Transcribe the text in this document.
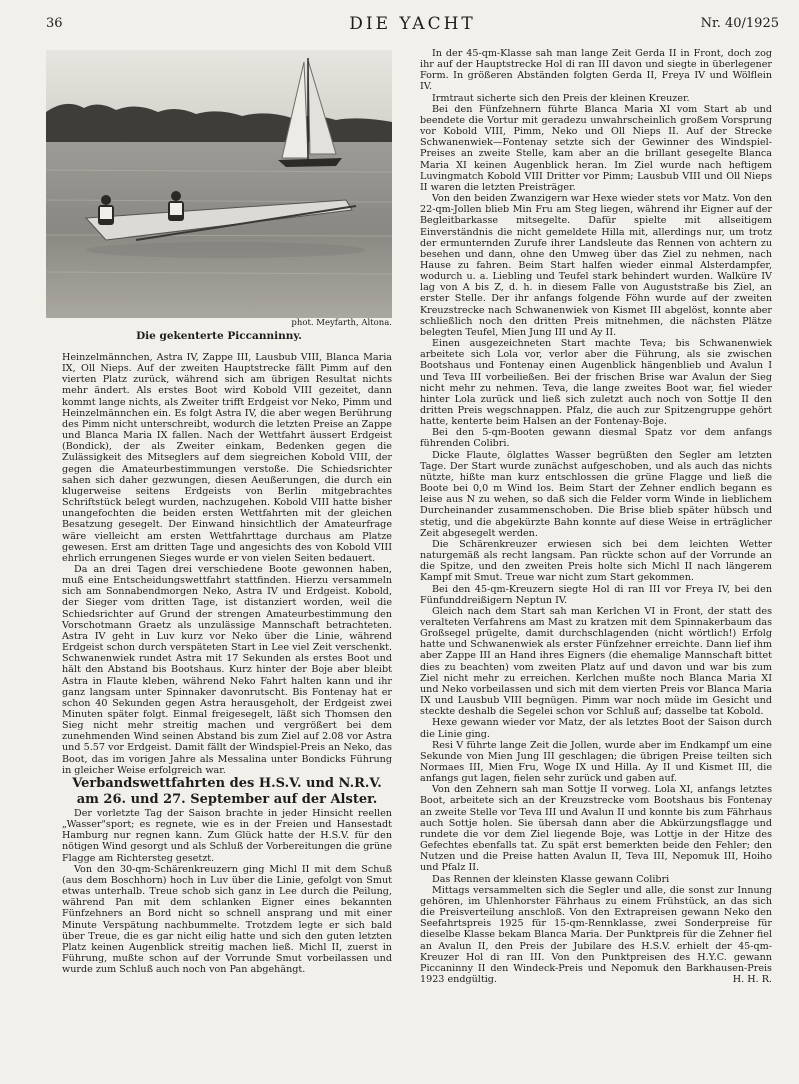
36	DIE YACHT	Nr. 40/1925
phot. Meyfarth, Altona.
Die gekenterte Piccanninny.

Heinzelmännchen, Astra IV, Zappe III, Lausbub VIII, Blanca Maria IX, Oll Nieps. Auf der zweiten Hauptstrecke fällt Pimm auf den vierten Platz zurück, während sich am übrigen Resultat nichts mehr ändert. Als erstes Boot wird Kobold VIII gezeitet, dann kommt lange nichts, als Zweiter trifft Erdgeist vor Neko, Pimm und Heinzelmännchen ein. Es folgt Astra IV, die aber wegen Berührung des Pimm nicht unterschreibt, wodurch die letzten Preise an Zappe und Blanca Maria IX fallen. Nach der Wettfahrt äussert Erdgeist (Bondick), der als Zweiter einkam, Bedenken gegen die Zulässigkeit des Mitseglers auf dem siegreichen Kobold VIII, der gegen die Amateurbestimmungen verstoße. Die Schiedsrichter sahen sich daher gezwungen, diesen Aeußerungen, die durch ein klugerweise seitens Erdgeists von Berlin mitgebrachtes Schriftstück belegt wurden, nachzugehen. Kobold VIII hatte bisher unangefochten die beiden ersten Wettfahrten mit der gleichen Besatzung gesegelt. Der Einwand hinsichtlich der Amateurfrage wäre vielleicht am ersten Wettfahrttage durchaus am Platze gewesen. Erst am dritten Tage und angesichts des von Kobold VIII ehrlich errungenen Sieges wurde er von vielen Seiten bedauert.

Da an drei Tagen drei verschiedene Boote gewonnen haben, muß eine Entscheidungswettfahrt stattfinden. Hierzu versammeln sich am Sonnabendmorgen Neko, Astra IV und Erdgeist. Kobold, der Sieger vom dritten Tage, ist distanziert worden, weil die Schiedsrichter auf Grund der strengen Amateurbestimmung den Vorschotmann Graetz als unzulässige Mannschaft betrachteten. Astra IV geht in Luv kurz vor Neko über die Linie, während Erdgeist schon durch verspäteten Start in Lee viel Zeit verschenkt. Schwanenwiek rundet Astra mit 17 Sekunden als erstes Boot und hält den Abstand bis Bootshaus. Kurz hinter der Boje aber bleibt Astra in Flaute kleben, während Neko Fahrt halten kann und ihr ganz langsam unter Spinnaker davonrutscht. Bis Fontenay hat er schon 40 Sekunden gegen Astra herausgeholt, der Erdgeist zwei Minuten später folgt. Einmal freigesegelt, läßt sich Thomsen den Sieg nicht mehr streitig machen und vergrößert bei dem zunehmenden Wind seinen Abstand bis zum Ziel auf 2.08 vor Astra und 5.57 vor Erdgeist. Damit fällt der Windspiel-Preis an Neko, das Boot, das im vorigen Jahre als Messalina unter Bondicks Führung in gleicher Weise erfolgreich war.

Verbandswettfahrten des H.S.V. und N.R.V. am 26. und 27. September auf der Alster.

Der vorletzte Tag der Saison brachte in jeder Hinsicht reellen „Wasser"sport; es regnete, wie es in der Freien und Hansestadt Hamburg nur regnen kann. Zum Glück hatte der H.S.V. für den nötigen Wind gesorgt und als Schluß der Vorbereitungen die grüne Flagge am Richtersteg gesetzt.

Von den 30-qm-Schärenkreuzern ging Michl II mit dem Schuß (aus dem Boschhorn) hoch in Luv über die Linie, gefolgt von Smut etwas unterhalb. Treue schob sich ganz in Lee durch die Peilung, während Pan mit dem schlanken Eigner eines bekannten Fünfzehners an Bord nicht so schnell ansprang und mit einer Minute Verspätung nachbummelte. Trotzdem legte er sich bald über Treue, die es gar nicht eilig hatte und sich den guten letzten Platz keinen Augenblick streitig machen ließ. Michl II, zuerst in Führung, mußte schon auf der Vorrunde Smut vorbeilassen und wurde zum Schluß auch noch von Pan abgehängt.

In der 45-qm-Klasse sah man lange Zeit Gerda II in Front, doch zog ihr auf der Hauptstrecke Hol di ran III davon und siegte in überlegener Form. In größeren Abständen folgten Gerda II, Freya IV und Wölflein IV.

Irmtraut sicherte sich den Preis der kleinen Kreuzer.

Bei den Fünfzehnern führte Blanca Maria XI vom Start ab und beendete die Vortur mit geradezu unwahrscheinlich großem Vorsprung vor Kobold VIII, Pimm, Neko und Oll Nieps II. Auf der Strecke Schwanenwiek—Fontenay setzte sich der Gewinner des Windspiel-Preises an zweite Stelle, kam aber an die brillant gesegelte Blanca Maria XI keinen Augenblick heran. Im Ziel wurde nach heftigem Luvingmatch Kobold VIII Dritter vor Pimm; Lausbub VIII und Oll Nieps II waren die letzten Preisträger.

Von den beiden Zwanzigern war Hexe wieder stets vor Matz. Von den 22-qm-Jollen blieb Min Fru am Steg liegen, während ihr Eigner auf der Begleitbarkasse mitsegelte. Dafür spielte mit allseitigem Einverständnis die nicht gemeldete Hilla mit, allerdings nur, um trotz der ermunternden Zurufe ihrer Landsleute das Rennen von achtern zu besehen und dann, ohne den Umweg über das Ziel zu nehmen, nach Hause zu fahren. Beim Start halfen wieder einmal Alsterdampfer, wodurch u. a. Liebling und Teufel stark behindert wurden. Walküre IV lag von A bis Z, d. h. in diesem Falle von Auguststraße bis Ziel, an erster Stelle. Der ihr anfangs folgende Föhn wurde auf der zweiten Kreuzstrecke nach Schwanenwiek von Kismet III abgelöst, konnte aber schließlich noch den dritten Preis mitnehmen, die nächsten Plätze belegten Teufel, Mien Jung III und Ay II.

Einen ausgezeichneten Start machte Teva; bis Schwanenwiek arbeitete sich Lola vor, verlor aber die Führung, als sie zwischen Bootshaus und Fontenay einen Augenblick hängenblieb und Avalun I und Teva III vorbeiließen. Bei der frischen Brise war Avalun der Sieg nicht mehr zu nehmen. Teva, die lange zweites Boot war, fiel wieder hinter Lola zurück und ließ sich zuletzt auch noch von Sottje II den dritten Preis wegschnappen. Pfalz, die auch zur Spitzengruppe gehört hatte, kenterte beim Halsen an der Fontenay-Boje.

Bei den 5-qm-Booten gewann diesmal Spatz vor dem anfangs führenden Colibri.

Dicke Flaute, ölglattes Wasser begrüßten den Segler am letzten Tage. Der Start wurde zunächst aufgeschoben, und als auch das nichts nützte, hißte man kurz entschlossen die grüne Flagge und ließ die Boote bei 0,0 m Wind los. Beim Start der Zehner endlich begann es leise aus N zu wehen, so daß sich die Felder vorm Winde in lieblichem Durcheinander zusammenschoben. Die Brise blieb später hübsch und stetig, und die abgekürzte Bahn konnte auf diese Weise in erträglicher Zeit abgesegelt werden.

Die Schärenkreuzer erwiesen sich bei dem leichten Wetter naturgemäß als recht langsam. Pan rückte schon auf der Vorrunde an die Spitze, und den zweiten Preis holte sich Michl II nach längerem Kampf mit Smut. Treue war nicht zum Start gekommen.

Bei den 45-qm-Kreuzern siegte Hol di ran III vor Freya IV, bei den Fünfunddreißigern Neptun IV.

Gleich nach dem Start sah man Kerlchen VI in Front, der statt des veralteten Verfahrens am Mast zu kratzen mit dem Spinnakerbaum das Großsegel prügelte, damit durchschlagenden (nicht wörtlich!) Erfolg hatte und Schwanenwiek als erster Fünfzehner erreichte. Dann lief ihm aber Zappe III an Hand ihres Eigners (die ehemalige Mannschaft bittet dies zu beachten) vom zweiten Platz auf und davon und war bis zum Ziel nicht mehr zu erreichen. Kerlchen mußte noch Blanca Maria XI und Neko vorbeilassen und sich mit dem vierten Preis vor Blanca Maria IX und Lausbub VIII begnügen. Pimm war noch müde im Gesicht und steckte deshalb die Segelei schon vor Schluß auf; dasselbe tat Kobold.

Hexe gewann wieder vor Matz, der als letztes Boot der Saison durch die Linie ging.

Resi V führte lange Zeit die Jollen, wurde aber im Endkampf um eine Sekunde von Mien Jung III geschlagen; die übrigen Preise teilten sich Normaes III, Mien Fru, Woge IX und Hilla. Ay II und Kismet III, die anfangs gut lagen, fielen sehr zurück und gaben auf.

Von den Zehnern sah man Sottje II vorweg. Lola XI, anfangs letztes Boot, arbeitete sich an der Kreuzstrecke vom Bootshaus bis Fontenay an zweite Stelle vor Teva III und Avalun II und konnte bis zum Fährhaus auch Sottje holen. Sie übersah dann aber die Abkürzungsflagge und rundete die vor dem Ziel liegende Boje, was Lottje in der Hitze des Gefechtes ebenfalls tat. Zu spät erst bemerkten beide den Fehler; den Nutzen und die Preise hatten Avalun II, Teva III, Nepomuk III, Hoiho und Pfalz II.

Das Rennen der kleinsten Klasse gewann Colibri

Mittags versammelten sich die Segler und alle, die sonst zur Innung gehören, im Uhlenhorster Fährhaus zu einem Frühstück, an das sich die Preisverteilung anschloß. Von den Extrapreisen gewann Neko den Seefahrtspreis 1925 für 15-qm-Rennklasse, zwei Sonderpreise für dieselbe Klasse bekam Blanca Maria. Der Punktpreis für die Zehner fiel an Avalun II, den Preis der Jubilare des H.S.V. erhielt der 45-qm-Kreuzer Hol di ran III. Von den Punktpreisen des H.Y.C. gewann Piccaninny II den Windeck-Preis und Nepomuk den Barkhausen-Preis 1923 endgültig.	H. H. R.
